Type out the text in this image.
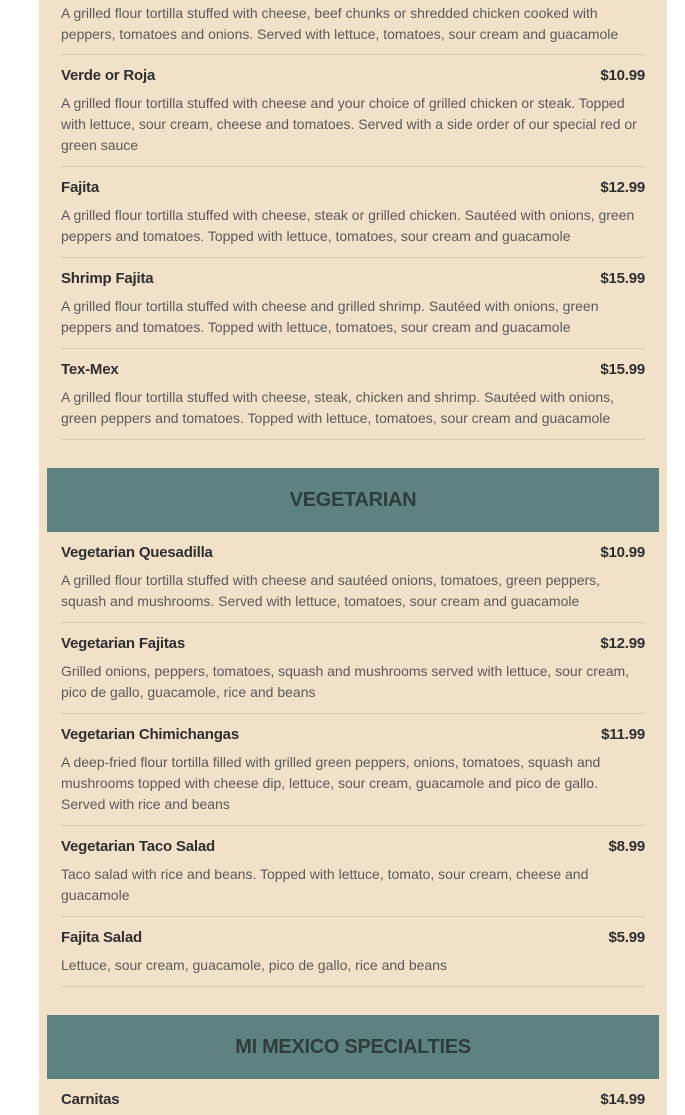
A grilled flour tortilla stuffed with cheese, beef chunks or shredded chicken cooked with peppers, tomatoes and onions. Served with lettuce, tomatoes, sour cream and guacamole
Verde or Roja	$10.99
A grilled flour tortilla stuffed with cheese and your choice of grilled chicken or steak. Topped with lettuce, sour cream, cheese and tomatoes. Served with a side order of our special red or green sauce
Fajita	$12.99
A grilled flour tortilla stuffed with cheese, steak or grilled chicken. Sautéed with onions, green peppers and tomatoes. Topped with lettuce, tomatoes, sour cream and guacamole
Shrimp Fajita	$15.99
A grilled flour tortilla stuffed with cheese and grilled shrimp. Sautéed with onions, green peppers and tomatoes. Topped with lettuce, tomatoes, sour cream and guacamole
Tex-Mex	$15.99
A grilled flour tortilla stuffed with cheese, steak, chicken and shrimp. Sautéed with onions, green peppers and tomatoes. Topped with lettuce, tomatoes, sour cream and guacamole
VEGETARIAN
Vegetarian Quesadilla	$10.99
A grilled flour tortilla stuffed with cheese and sautéed onions, tomatoes, green peppers, squash and mushrooms. Served with lettuce, tomatoes, sour cream and guacamole
Vegetarian Fajitas	$12.99
Grilled onions, peppers, tomatoes, squash and mushrooms served with lettuce, sour cream, pico de gallo, guacamole, rice and beans
Vegetarian Chimichangas	$11.99
A deep-fried flour tortilla filled with grilled green peppers, onions, tomatoes, squash and mushrooms topped with cheese dip, lettuce, sour cream, guacamole and pico de gallo. Served with rice and beans
Vegetarian Taco Salad	$8.99
Taco salad with rice and beans. Topped with lettuce, tomato, sour cream, cheese and guacamole
Fajita Salad	$5.99
Lettuce, sour cream, guacamole, pico de gallo, rice and beans
MI MEXICO SPECIALTIES
Carnitas	$14.99
